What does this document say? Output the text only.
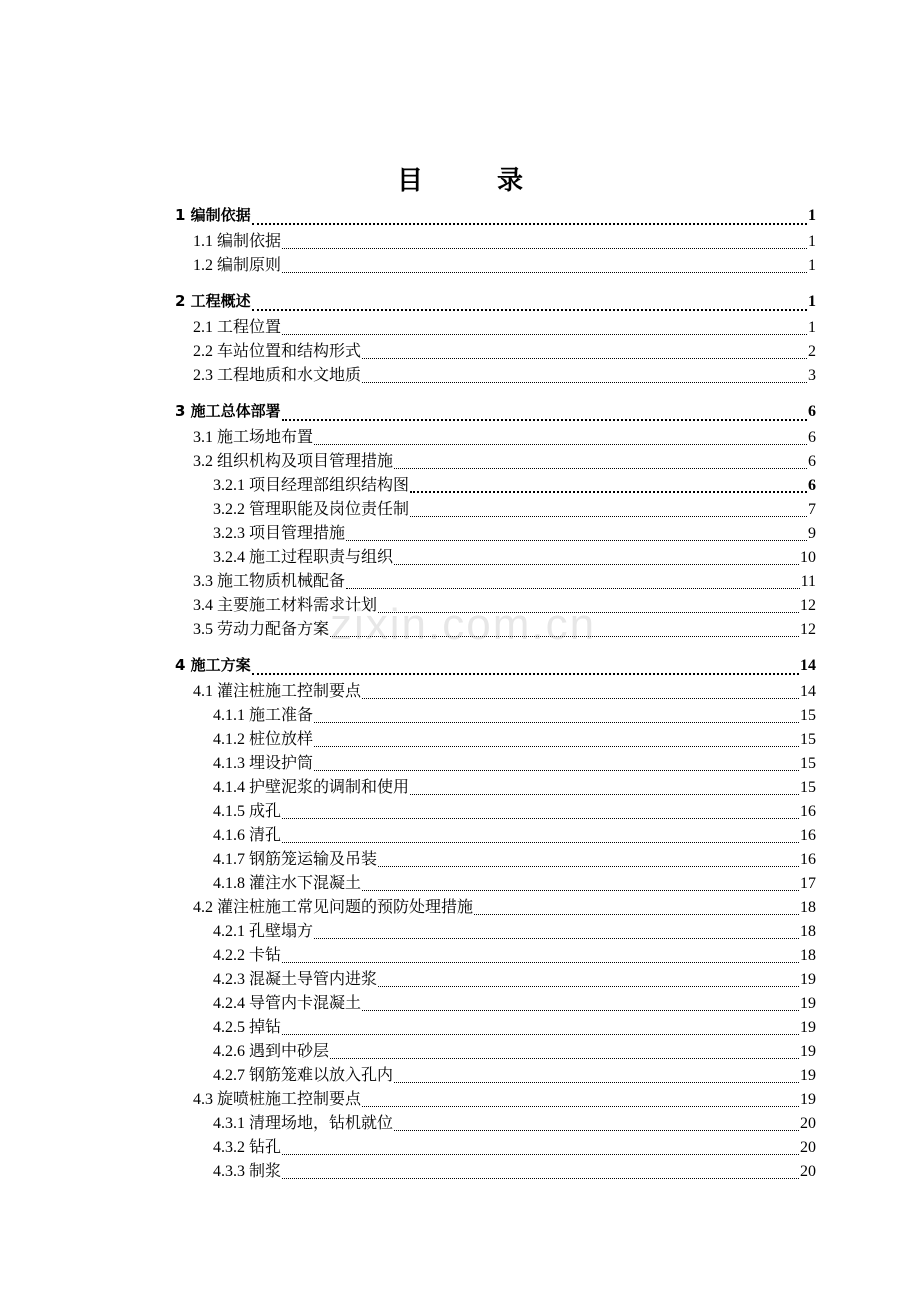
目　录
1 编制依据	1
1.1 编制依据	1
1.2 编制原则	1
2 工程概述	1
2.1 工程位置	1
2.2 车站位置和结构形式	2
2.3 工程地质和水文地质	3
3 施工总体部署	6
3.1 施工场地布置	6
3.2 组织机构及项目管理措施	6
3.2.1 项目经理部组织结构图	6
3.2.2 管理职能及岗位责任制	7
3.2.3 项目管理措施	9
3.2.4 施工过程职责与组织	10
3.3 施工物质机械配备	11
3.4 主要施工材料需求计划	12
3.5 劳动力配备方案	12
4 施工方案	14
4.1 灌注桩施工控制要点	14
4.1.1 施工准备	15
4.1.2 桩位放样	15
4.1.3 埋设护筒	15
4.1.4 护壁泥浆的调制和使用	15
4.1.5 成孔	16
4.1.6 清孔	16
4.1.7 钢筋笼运输及吊装	16
4.1.8 灌注水下混凝土	17
4.2 灌注桩施工常见问题的预防处理措施	18
4.2.1 孔壁塌方	18
4.2.2 卡钻	18
4.2.3 混凝土导管内进浆	19
4.2.4 导管内卡混凝土	19
4.2.5 掉钻	19
4.2.6 遇到中砂层	19
4.2.7 钢筋笼难以放入孔内	19
4.3 旋喷桩施工控制要点	19
4.3.1 清理场地，钻机就位	20
4.3.2 钻孔	20
4.3.3 制浆	20
zixin.com.cn
